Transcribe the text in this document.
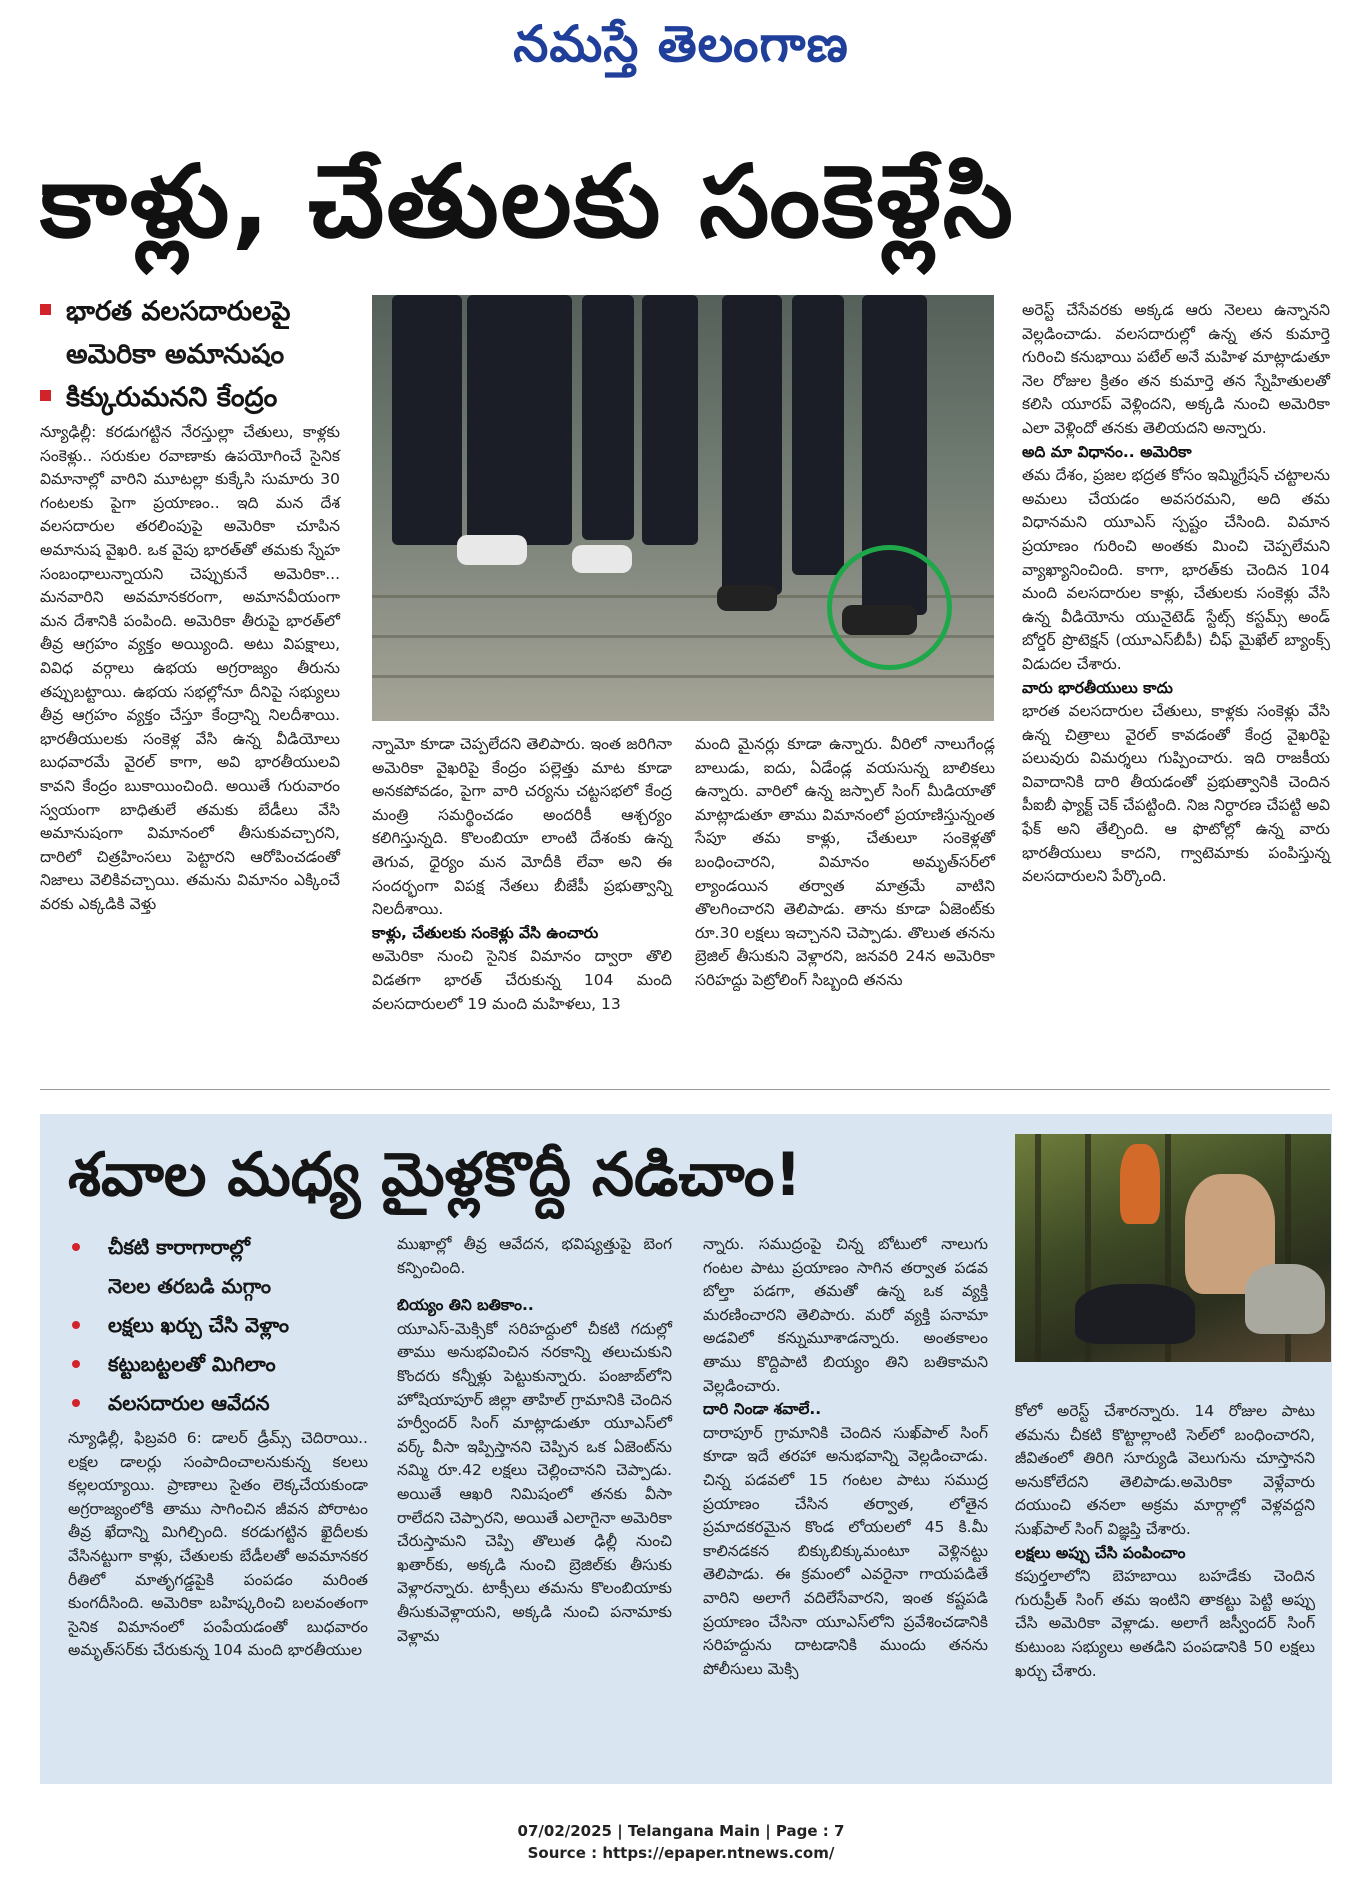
నమస్తే తెలంగాణ
కాళ్లు, చేతులకు సంకెళ్లేసి
భారత వలసదారులపై
అమెరికా అమానుషం
కిక్కురుమనని కేంద్రం

న్యూఢిల్లీ: కరడుగట్టిన నేరస్తుల్లా చేతులు, కాళ్లకు సంకెళ్లు.. సరుకుల రవాణాకు ఉపయోగించే సైనిక విమానాల్లో వారిని మూటల్లా కుక్కేసి సుమారు 30 గంటలకు పైగా ప్రయాణం.. ఇది మన దేశ వలసదారుల తరలింపుపై అమెరికా చూపిన అమానుష వైఖరి. ఒక వైపు భారత్‌తో తమకు స్నేహ సంబంధాలున్నాయని చెప్పుకునే అమెరికా... మనవారిని అవమానకరంగా, అమానవీయంగా మన దేశానికి పంపింది. అమెరికా తీరుపై భారత్‌లో తీవ్ర ఆగ్రహం వ్యక్తం అయ్యింది. అటు విపక్షాలు, వివిధ వర్గాలు ఉభయ అగ్రరాజ్యం తీరును తప్పుబట్టాయి. ఉభయ సభల్లోనూ దీనిపై సభ్యులు తీవ్ర ఆగ్రహం వ్యక్తం చేస్తూ కేంద్రాన్ని నిలదీశాయి. భారతీయులకు సంకెళ్ల వేసి ఉన్న వీడియోలు బుధవారమే వైరల్ కాగా, అవి భారతీయులవి కావని కేంద్రం బుకాయించింది. అయితే గురువారం స్వయంగా బాధితులే తమకు బేడీలు వేసి అమానుషంగా విమానంలో తీసుకువచ్చారని, దారిలో చిత్రహింసలు పెట్టారని ఆరోపించడంతో నిజాలు వెలికివచ్చాయి. తమను విమానం ఎక్కించే వరకు ఎక్కడికి వెళ్తు

న్నామో కూడా చెప్పలేదని తెలిపారు. ఇంత జరిగినా అమెరికా వైఖరిపై కేంద్రం పల్లెత్తు మాట కూడా అనకపోవడం, పైగా వారి చర్యను చట్టసభలో కేంద్ర మంత్రి సమర్థించడం అందరికీ ఆశ్చర్యం కలిగిస్తున్నది. కొలంబియా లాంటి దేశంకు ఉన్న తెగువ, ధైర్యం మన మోదీకి లేవా అని ఈ సందర్భంగా విపక్ష నేతలు బీజేపీ ప్రభుత్వాన్ని నిలదీశాయి.

కాళ్లు, చేతులకు సంకెళ్లు వేసి ఉంచారు

అమెరికా నుంచి సైనిక విమానం ద్వారా తొలి విడతగా భారత్ చేరుకున్న 104 మంది వలసదారులలో 19 మంది మహిళలు, 13

మంది మైనర్లు కూడా ఉన్నారు. వీరిలో నాలుగేండ్ల బాలుడు, ఐదు, ఏడేండ్ల వయసున్న బాలికలు ఉన్నారు. వారిలో ఉన్న జస్పాల్ సింగ్ మీడియాతో మాట్లాడుతూ తాము విమానంలో ప్రయాణిస్తున్నంత సేపూ తమ కాళ్లు, చేతులూ సంకెళ్లతో బంధించారని, విమానం అమృత్‌సర్‌లో ల్యాండయిన తర్వాత మాత్రమే వాటిని తొలగించారని తెలిపాడు. తాను కూడా ఏజెంట్‌కు రూ.30 లక్షలు ఇచ్చానని చెప్పాడు. తొలుత తనను బ్రెజిల్ తీసుకుని వెళ్లారని, జనవరి 24న అమెరికా సరిహద్దు పెట్రోలింగ్ సిబ్బంది తనను

అరెస్ట్ చేసేవరకు అక్కడ ఆరు నెలలు ఉన్నానని వెల్లడించాడు. వలసదారుల్లో ఉన్న తన కుమార్తె గురించి కనుభాయి పటేల్ అనే మహిళ మాట్లాడుతూ నెల రోజుల క్రితం తన కుమార్తె తన స్నేహితులతో కలిసి యూరప్ వెళ్లిందని, అక్కడి నుంచి అమెరికా ఎలా వెళ్లిందో తనకు తెలియదని అన్నారు.

అది మా విధానం.. అమెరికా

తమ దేశం, ప్రజల భద్రత కోసం ఇమ్మిగ్రేషన్ చట్టాలను అమలు చేయడం అవసరమని, అది తమ విధానమని యూఎస్ స్పష్టం చేసింది. విమాన ప్రయాణం గురించి అంతకు మించి చెప్పలేమని వ్యాఖ్యానించింది. కాగా, భారత్‌కు చెందిన 104 మంది వలసదారుల కాళ్లు, చేతులకు సంకెళ్లు వేసి ఉన్న వీడియోను యునైటెడ్ స్టేట్స్ కస్టమ్స్ అండ్ బోర్డర్ ప్రొటెక్షన్ (యూఎస్‌బీపీ) చీఫ్ మైఖేల్ బ్యాంక్స్ విడుదల చేశారు.

వారు భారతీయులు కాదు

భారత వలసదారుల చేతులు, కాళ్లకు సంకెళ్లు వేసి ఉన్న చిత్రాలు వైరల్ కావడంతో కేంద్ర వైఖరిపై పలువురు విమర్శలు గుప్పించారు. ఇది రాజకీయ వివాదానికి దారి తీయడంతో ప్రభుత్వానికి చెందిన పీఐబీ ఫ్యాక్ట్ చెక్ చేపట్టింది. నిజ నిర్ధారణ చేపట్టి అవి ఫేక్ అని తేల్చింది. ఆ ఫొటోల్లో ఉన్న వారు భారతీయులు కాదని, గ్వాటెమాకు పంపిస్తున్న వలసదారులని పేర్కొంది.

శవాల మధ్య మైళ్లకొద్దీ నడిచాం!
చీకటి కారాగారాల్లో
నెలల తరబడి మగ్గాం
లక్షలు ఖర్చు చేసి వెళ్లాం
కట్టుబట్టలతో మిగిలాం
వలసదారుల ఆవేదన

న్యూఢిల్లీ, ఫిబ్రవరి 6: డాలర్ డ్రీమ్స్ చెదిరాయి.. లక్షల డాలర్లు సంపాదించాలనుకున్న కలలు కల్లలయ్యాయి. ప్రాణాలు సైతం లెక్కచేయకుండా అగ్రరాజ్యంలోకి తాము సాగించిన జీవన పోరాటం తీవ్ర ఖేదాన్ని మిగిల్చింది. కరడుగట్టిన ఖైదీలకు వేసినట్టుగా కాళ్లు, చేతులకు బేడీలతో అవమానకర రీతిలో మాతృగడ్డపైకి పంపడం మరింత కుంగదీసింది. అమెరికా బహిష్కరించి బలవంతంగా సైనిక విమానంలో పంపేయడంతో బుధవారం అమృత్‌సర్‌కు చేరుకున్న 104 మంది భారతీయుల

ముఖాల్లో తీవ్ర ఆవేదన, భవిష్యత్తుపై బెంగ కన్పించింది.

బియ్యం తిని బతికాం..

యూఎస్-మెక్సికో సరిహద్దులో చీకటి గదుల్లో తాము అనుభవించిన నరకాన్ని తలుచుకుని కొందరు కన్నీళ్లు పెట్టుకున్నారు. పంజాబ్‌లోని హోషియాపూర్ జిల్లా తాహిల్ గ్రామానికి చెందిన హర్వీందర్ సింగ్ మాట్లాడుతూ యూఎస్‌లో వర్క్ వీసా ఇప్పిస్తానని చెప్పిన ఒక ఏజెంట్‌ను నమ్మి రూ.42 లక్షలు చెల్లించానని చెప్పాడు. అయితే ఆఖరి నిమిషంలో తనకు వీసా రాలేదని చెప్పారని, అయితే ఎలాగైనా అమెరికా చేరుస్తామని చెప్పి తొలుత ఢిల్లీ నుంచి ఖతార్‌కు, అక్కడి నుంచి బ్రెజిల్‌కు తీసుకు వెళ్లారన్నారు. టాక్సీలు తమను కొలంబియాకు తీసుకువెళ్లాయని, అక్కడి నుంచి పనామాకు వెళ్లామ

న్నారు. సముద్రంపై చిన్న బోటులో నాలుగు గంటల పాటు ప్రయాణం సాగిన తర్వాత పడవ బోల్తా పడగా, తమతో ఉన్న ఒక వ్యక్తి మరణించారని తెలిపారు. మరో వ్యక్తి పనామా అడవిలో కన్నుమూశాడన్నారు. అంతకాలం తాము కొద్దిపాటి బియ్యం తిని బతికామని వెల్లడించారు.

దారి నిండా శవాలే..

దారాపూర్ గ్రామానికి చెందిన సుఖ్‌పాల్ సింగ్ కూడా ఇదే తరహా అనుభవాన్ని వెల్లడించాడు. చిన్న పడవలో 15 గంటల పాటు సముద్ర ప్రయాణం చేసిన తర్వాత, లోతైన ప్రమాదకరమైన కొండ లోయలలో 45 కి.మీ కాలినడకన బిక్కుబిక్కుమంటూ వెళ్లినట్టు తెలిపాడు. ఈ క్రమంలో ఎవరైనా గాయపడితే వారిని అలాగే వదిలేసేవారని, ఇంత కష్టపడి ప్రయాణం చేసినా యూఎస్‌లోని ప్రవేశించడానికి సరిహద్దును దాటడానికి ముందు తనను పోలీసులు మెక్సి

కోలో అరెస్ట్ చేశారన్నారు. 14 రోజుల పాటు తమను చీకటి కొట్టాల్లాంటి సెల్‌లో బంధించారని, జీవితంలో తిరిగి సూర్యుడి వెలుగును చూస్తానని అనుకోలేదని తెలిపాడు.అమెరికా వెళ్లేవారు దయుంచి తనలా అక్రమ మార్గాల్లో వెళ్లవద్దని సుఖ్‌పాల్ సింగ్ విజ్ఞప్తి చేశారు.

లక్షలు అప్పు చేసి పంపించాం

కపుర్తలాలోని బెహబాయి బహడేకు చెందిన గురుప్రీత్ సింగ్ తమ ఇంటిని తాకట్టు పెట్టి అప్పు చేసి అమెరికా వెళ్లాడు. అలాగే జస్వీందర్ సింగ్ కుటుంబ సభ్యులు అతడిని పంపడానికి 50 లక్షలు ఖర్చు చేశారు.

07/02/2025 | Telangana Main | Page : 7
Source : https://epaper.ntnews.com/
